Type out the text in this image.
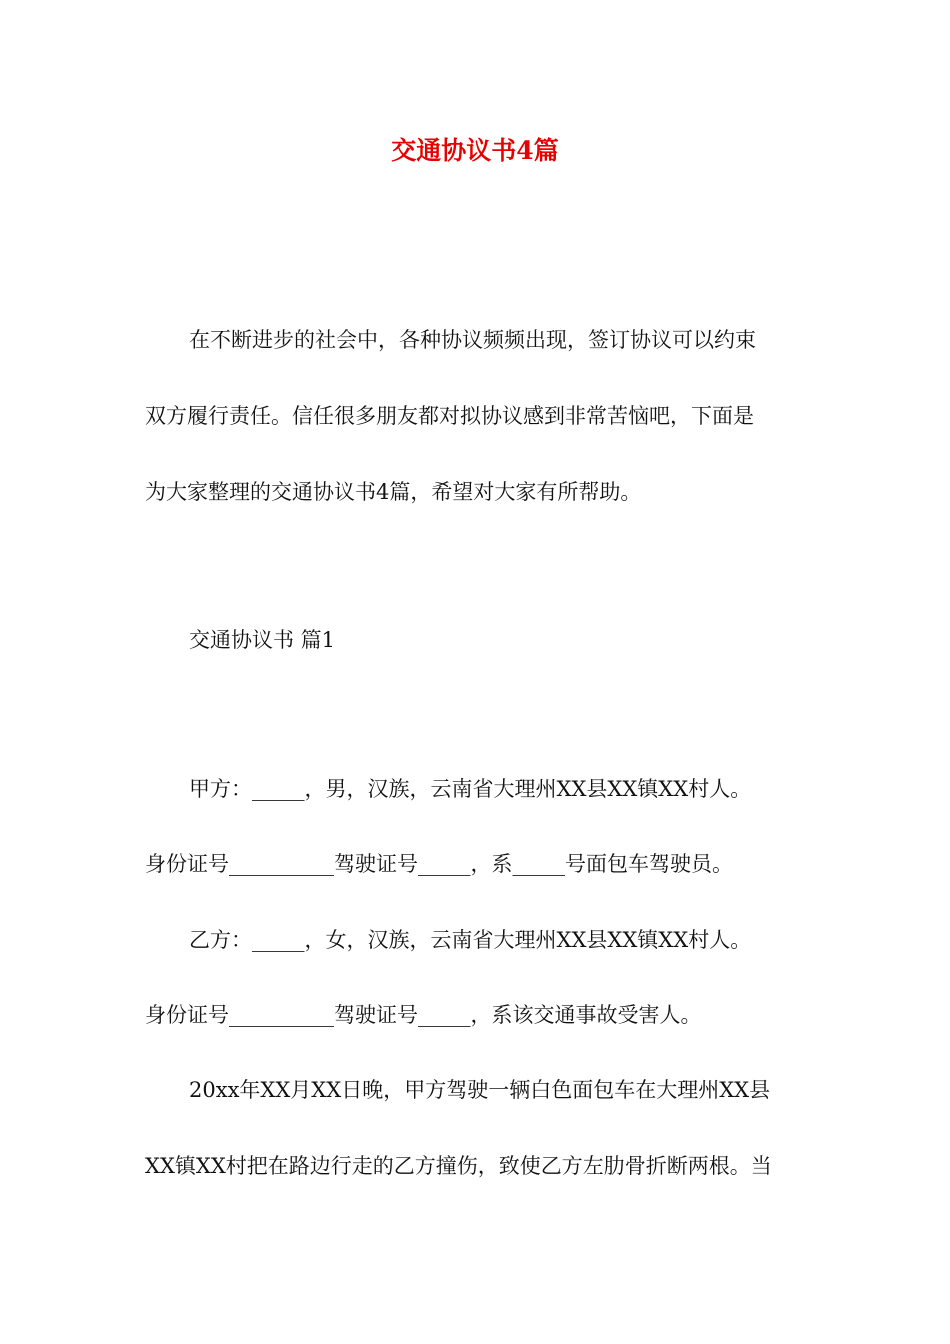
交通协议书4篇
在不断进步的社会中，各种协议频频出现，签订协议可以约束
双方履行责任。信任很多朋友都对拟协议感到非常苦恼吧，下面是
为大家整理的交通协议书4篇，希望对大家有所帮助。
交通协议书 篇1
甲方：_____，男，汉族，云南省大理州XX县XX镇XX村人。
身份证号__________驾驶证号_____，系_____号面包车驾驶员。
乙方：_____，女，汉族，云南省大理州XX县XX镇XX村人。
身份证号__________驾驶证号_____，系该交通事故受害人。
20xx年XX月XX日晚，甲方驾驶一辆白色面包车在大理州XX县
XX镇XX村把在路边行走的乙方撞伤，致使乙方左肋骨折断两根。当
